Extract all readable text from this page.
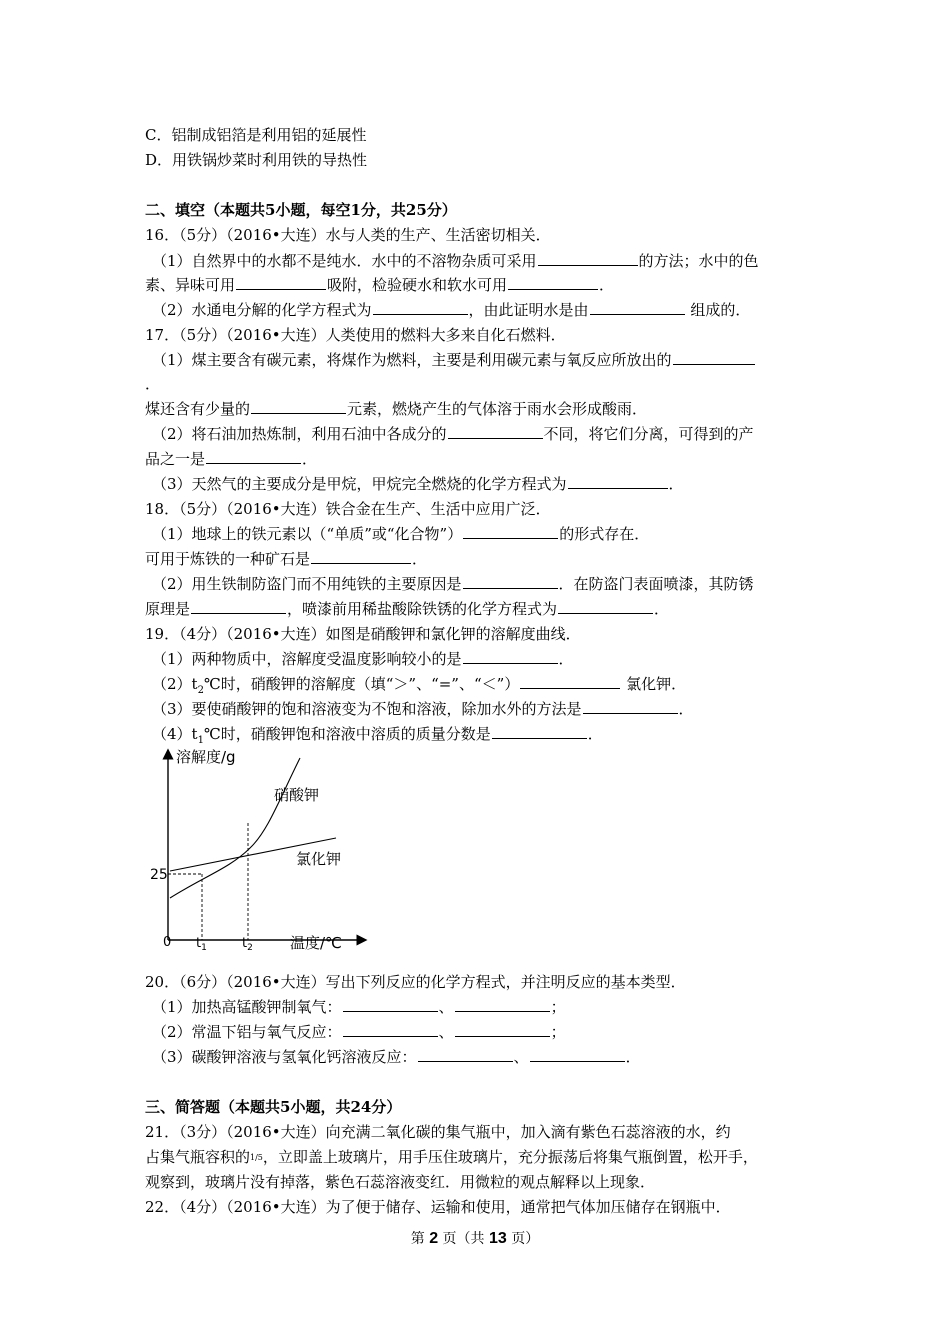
C．铝制成铝箔是利用铝的延展性
D．用铁锅炒菜时利用铁的导热性
二、填空（本题共5小题，每空1分，共25分）
16．（5分）（2016•大连）水与人类的生产、生活密切相关．
（1）自然界中的水都不是纯水．水中的不溶物杂质可采用	的方法；水中的色
素、异味可用	吸附，检验硬水和软水可用	．
（2）水通电分解的化学方程式为	，由此证明水是由	组成的．
17．（5分）（2016•大连）人类使用的燃料大多来自化石燃料．
（1）煤主要含有碳元素，将煤作为燃料，主要是利用碳元素与氧反应所放出的
．
煤还含有少量的	元素，燃烧产生的气体溶于雨水会形成酸雨．
（2）将石油加热炼制，利用石油中各成分的	不同，将它们分离，可得到的产
品之一是	．
（3）天然气的主要成分是甲烷，甲烷完全燃烧的化学方程式为	．
18．（5分）（2016•大连）铁合金在生产、生活中应用广泛．
（1）地球上的铁元素以（“单质”或“化合物”）	的形式存在．
可用于炼铁的一种矿石是	．
（2）用生铁制防盗门而不用纯铁的主要原因是	．在防盗门表面喷漆，其防锈
原理是	，喷漆前用稀盐酸除铁锈的化学方程式为	．
19．（4分）（2016•大连）如图是硝酸钾和氯化钾的溶解度曲线．
（1）两种物质中，溶解度受温度影响较小的是	．
$(2)t_2℃$时，硝酸钾的溶解度（填“＞”、“=”、“＜”）	氯化钾．
（3）要使硝酸钾的饱和溶液变为不饱和溶液，除加水外的方法是	．
$(4)t_1℃$时，硝酸钾饱和溶液中溶质的质量分数是	．
溶解度/g
硝酸钾
氯化钾
25
0 $t_1$	$t_2$ 温度/℃
20．（6分）（2016•大连）写出下列反应的化学方程式，并注明反应的基本类型．
（1）加热高锰酸钾制氧气：	、	；
（2）常温下铝与氧气反应：	、	；
（3）碳酸钾溶液与氢氧化钙溶液反应：	、	．
三、简答题（本题共5小题，共24分）
21．（3分）（2016•大连）向充满二氧化碳的集气瓶中，加入滴有紫色石蕊溶液的水，约
占集气瓶容积的1/5，立即盖上玻璃片，用手压住玻璃片，充分振荡后将集气瓶倒置，松开手，
观察到，玻璃片没有掉落，紫色石蕊溶液变红．用微粒的观点解释以上现象．
22．（4分）（2016•大连）为了便于储存、运输和使用，通常把气体加压储存在钢瓶中．
第 2 页（共 13 页）
